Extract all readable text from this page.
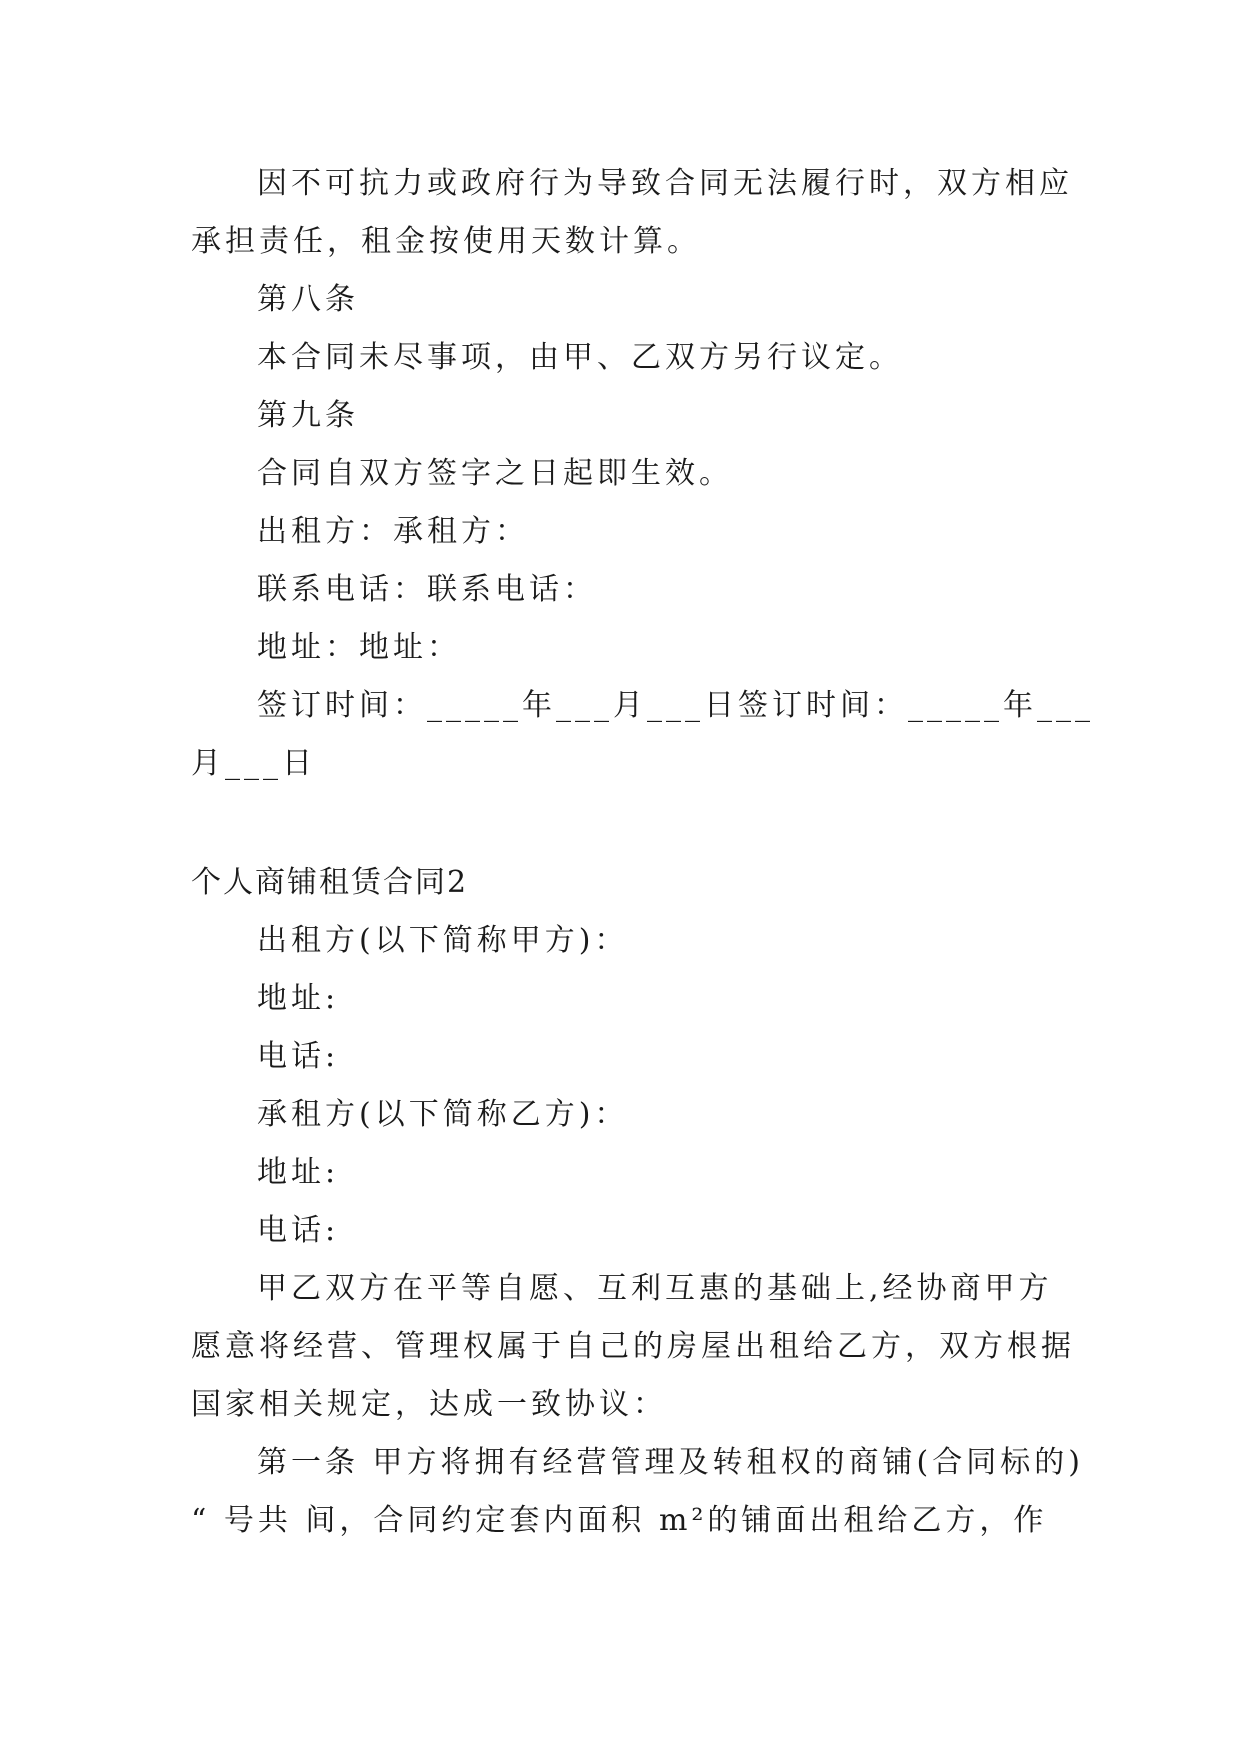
因不可抗力或政府行为导致合同无法履行时，双方相应
承担责任，租金按使用天数计算。
第八条
本合同未尽事项，由甲、乙双方另行议定。
第九条
合同自双方签字之日起即生效。
出租方：承租方：
联系电话：联系电话：
地址：地址：
签订时间：_____年___月___日签订时间：_____年___
月___日
个人商铺租赁合同2
出租方(以下简称甲方)：
地址:
电话:
承租方(以下简称乙方)：
地址:
电话:
甲乙双方在平等自愿、互利互惠的基础上,经协商甲方
愿意将经营、管理权属于自己的房屋出租给乙方，双方根据
国家相关规定，达成一致协议：
第一条 甲方将拥有经营管理及转租权的商铺(合同标的)
“ 号共 间，合同约定套内面积 m²的铺面出租给乙方，作
